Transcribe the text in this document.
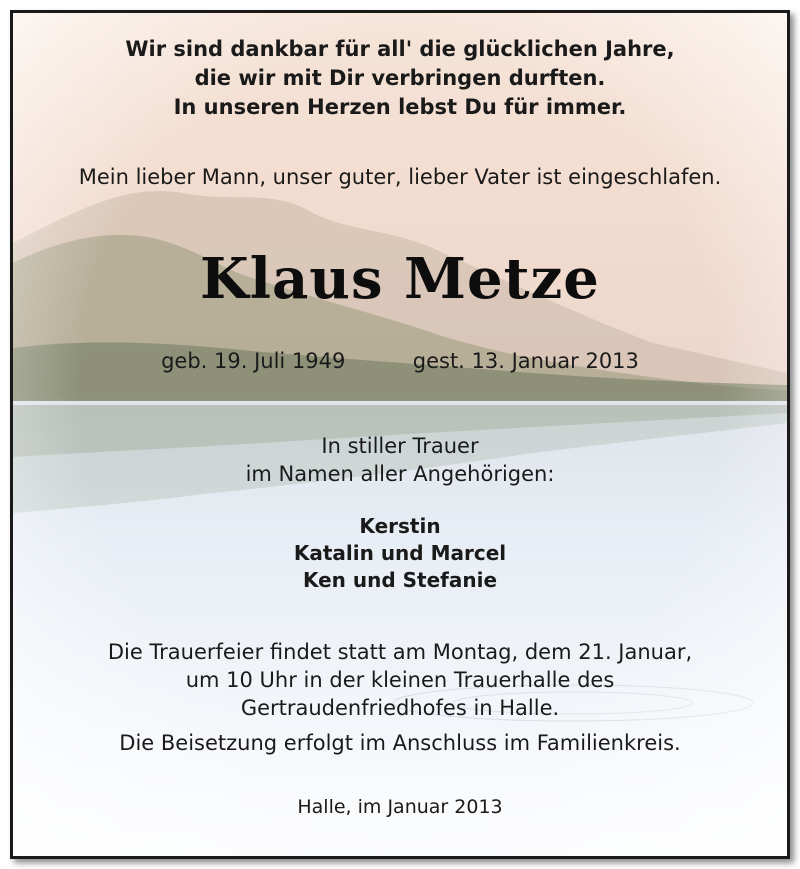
Wir sind dankbar für all' die glücklichen Jahre,
die wir mit Dir verbringen durften.
In unseren Herzen lebst Du für immer.
Mein lieber Mann, unser guter, lieber Vater ist eingeschlafen.
Klaus Metze
geb. 19. Juli 1949	gest. 13. Januar 2013
In stiller Trauer
im Namen aller Angehörigen:
Kerstin
Katalin und Marcel
Ken und Stefanie
Die Trauerfeier findet statt am Montag, dem 21. Januar,
um 10 Uhr in der kleinen Trauerhalle des
Gertraudenfriedhofes in Halle.
Die Beisetzung erfolgt im Anschluss im Familienkreis.
Halle, im Januar 2013
